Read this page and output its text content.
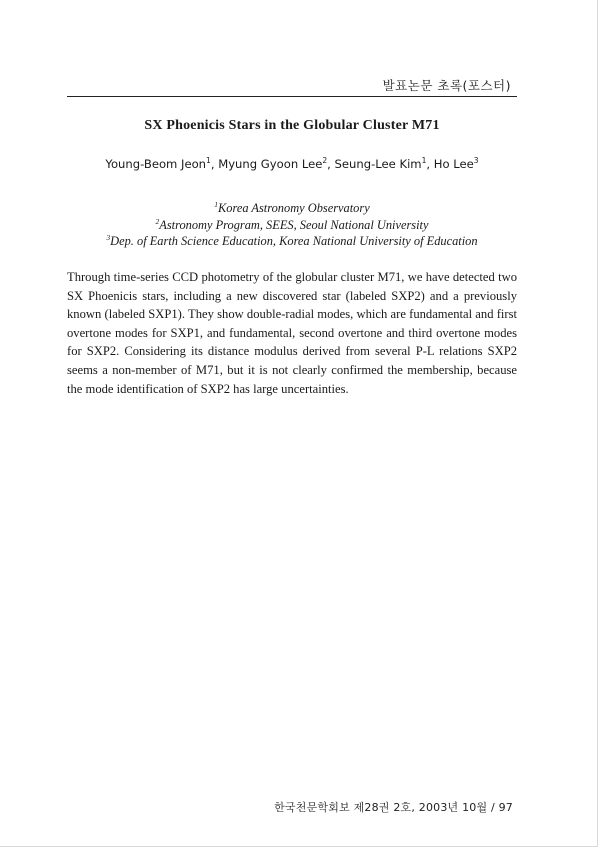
발표논문 초록(포스터)
SX Phoenicis Stars in the Globular Cluster M71
Young-Beom Jeon$^1$, Myung Gyoon Lee$^2$, Seung-Lee Kim$^1$, Ho Lee$^3$
$^1$Korea Astronomy Observatory
$^2$Astronomy Program, SEES, Seoul National University
$^3$Dep. of Earth Science Education, Korea National University of Education

Through time-series CCD photometry of the globular cluster M71, we have detected two SX Phoenicis stars, including a new discovered star (labeled SXP2) and a previously known (labeled SXP1). They show double-radial modes, which are fundamental and first overtone modes for SXP1, and fundamental, second overtone and third overtone modes for SXP2. Considering its distance modulus derived from several P-L relations SXP2 seems a non-member of M71, but it is not clearly confirmed the membership, because the mode identification of SXP2 has large uncertainties.

한국천문학회보 제28권 2호, 2003년 10월 / 97
